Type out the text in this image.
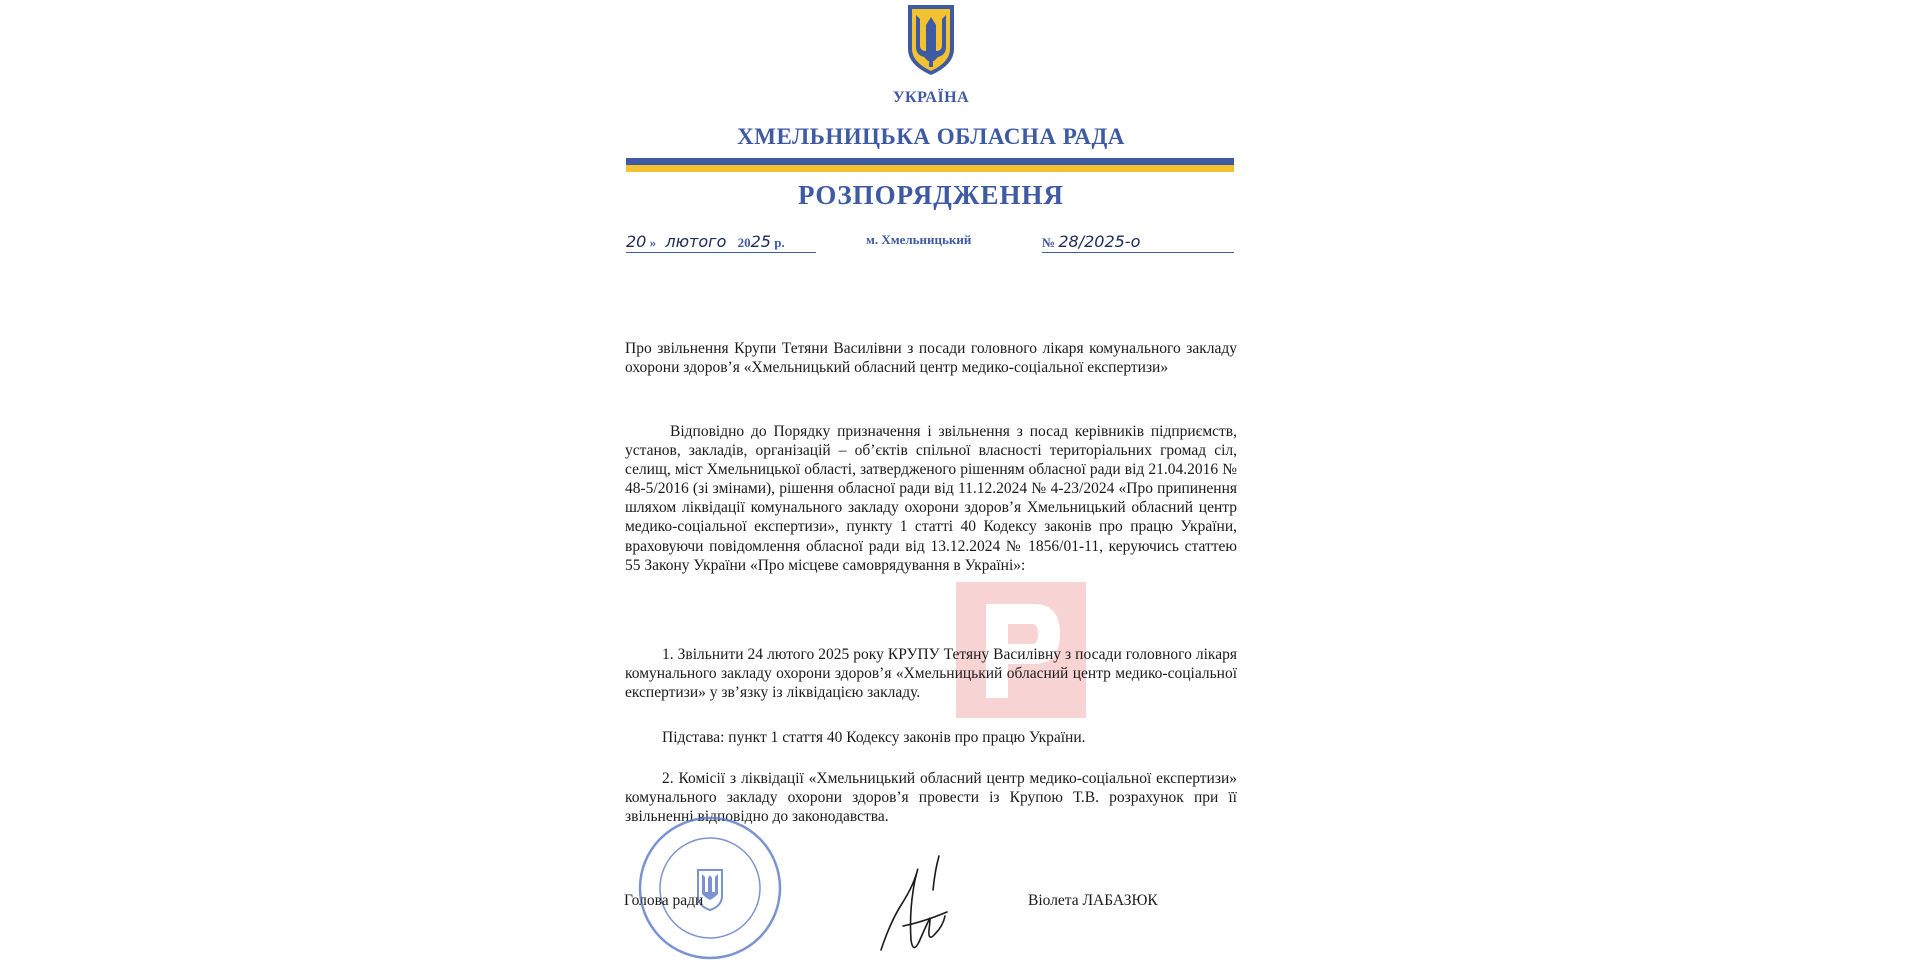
УКРАЇНА
ХМЕЛЬНИЦЬКА ОБЛАСНА РАДА
РОЗПОРЯДЖЕННЯ
20 » лютого 2025 р.	м. Хмельницький	№ 28/2025-о

Про звільнення Крупи Тетяни Василівни з посади головного лікаря комунального закладу охорони здоров’я «Хмельницький обласний центр медико-соціальної експертизи»

Відповідно до Порядку призначення і звільнення з посад керівників підприємств, установ, закладів, організацій – об’єктів спільної власності територіальних громад сіл, селищ, міст Хмельницької області, затвердженого рішенням обласної ради від 21.04.2016 № 48-5/2016 (зі змінами), рішення обласної ради від 11.12.2024 № 4-23/2024 «Про припинення шляхом ліквідації комунального закладу охорони здоров’я Хмельницький обласний центр медико-соціальної експертизи», пункту 1 статті 40 Кодексу законів про працю України, враховуючи повідомлення обласної ради від 13.12.2024 № 1856/01-11, керуючись статтею 55 Закону України «Про місцеве самоврядування в Україні»:

1. Звільнити 24 лютого 2025 року КРУПУ Тетяну Василівну з посади головного лікаря комунального закладу охорони здоров’я «Хмельницький обласний центр медико-соціальної експертизи» у зв’язку із ліквідацією закладу.

Підстава: пункт 1 стаття 40 Кодексу законів про працю України.

2. Комісії з ліквідації «Хмельницький обласний центр медико-соціальної експертизи» комунального закладу охорони здоров’я провести із Крупою Т.В. розрахунок при її звільненні відповідно до законодавства.

Голова ради	Віолета ЛАБАЗЮК
